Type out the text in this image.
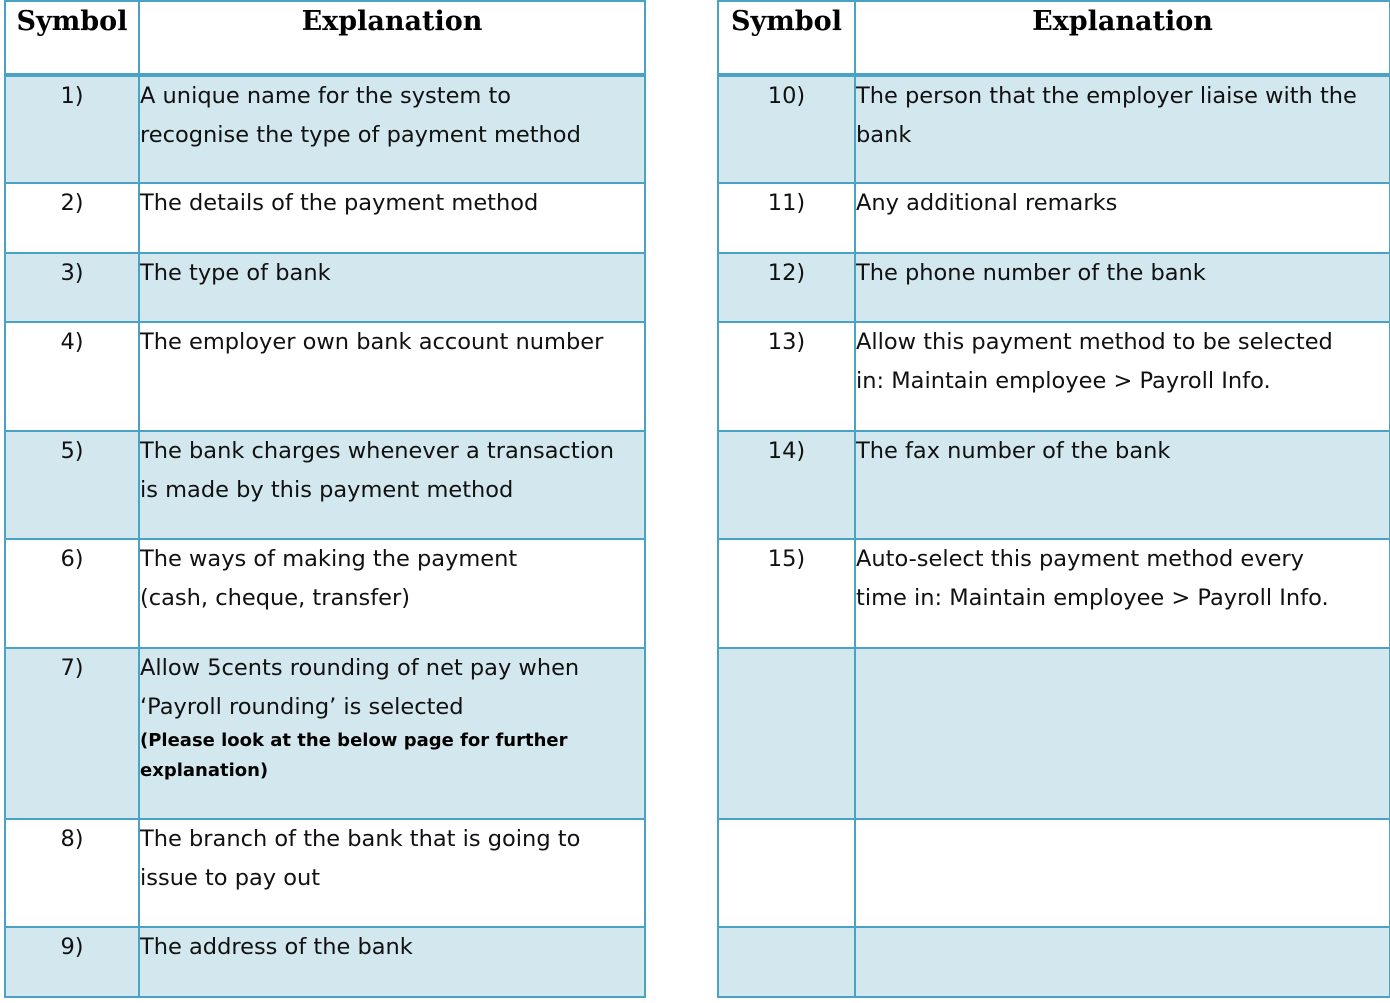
Symbol	Explanation
1)	A unique name for the system to
recognise the type of payment method

2)	The details of the payment method

3)	The type of bank

4)	The employer own bank account number

5)	The bank charges whenever a transaction
is made by this payment method

6)	The ways of making the payment
(cash, cheque, transfer)

7)	Allow 5cents rounding of net pay when
‘Payroll rounding’ is selected
(Please look at the below page for further
explanation)

8)	The branch of the bank that is going to
issue to pay out

9)	The address of the bank
Symbol	Explanation
10)	The person that the employer liaise with the
bank

11)	Any additional remarks

12)	The phone number of the bank

13)	Allow this payment method to be selected
in: Maintain employee > Payroll Info.

14)	The fax number of the bank

15)	Auto-select this payment method every
time in: Maintain employee > Payroll Info.
